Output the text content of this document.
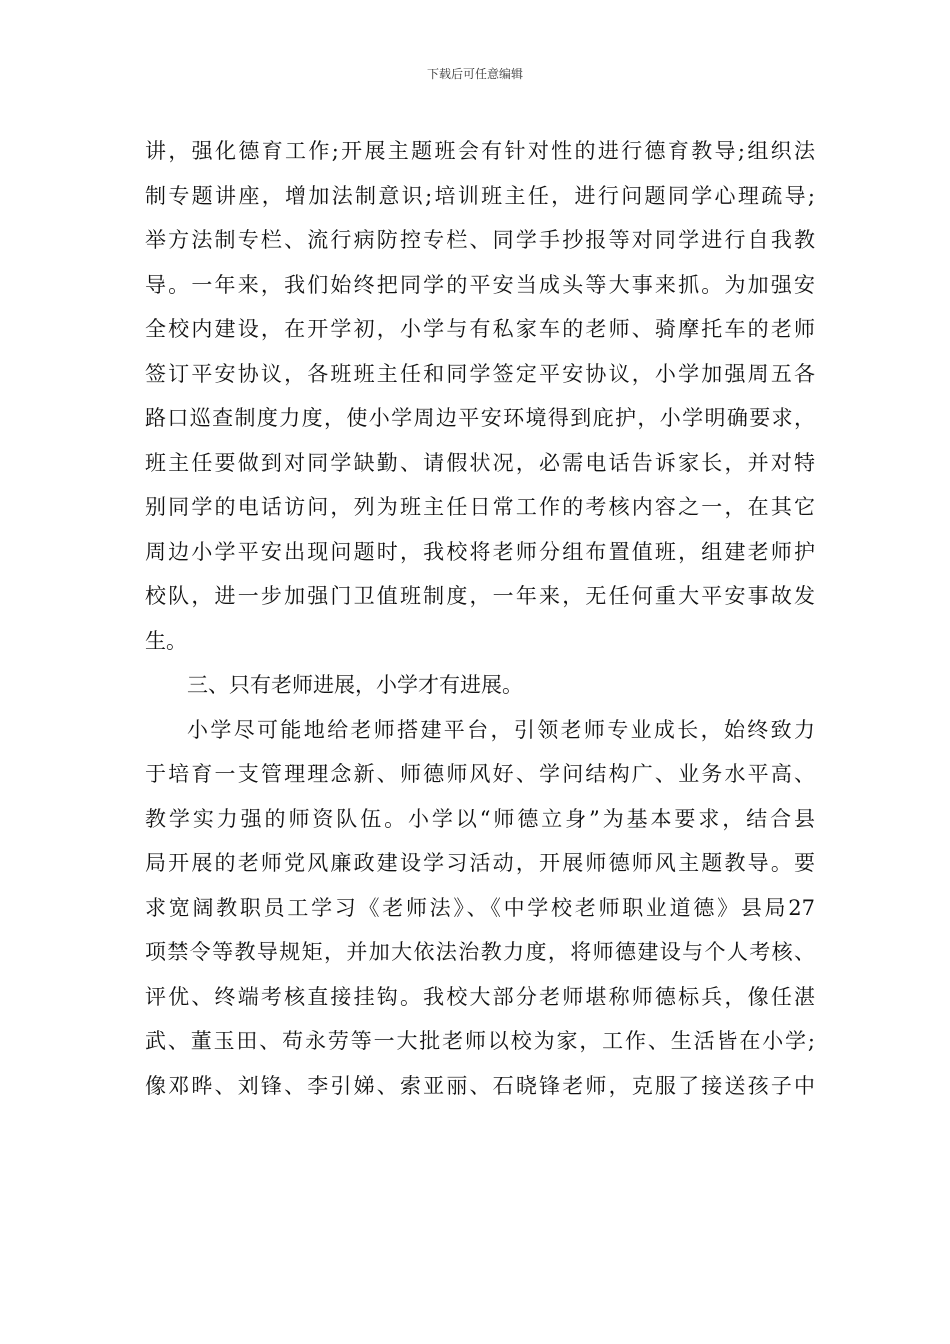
下载后可任意编辑
讲，强化德育工作;开展主题班会有针对性的进行德育教导;组织法
制专题讲座，增加法制意识;培训班主任，进行问题同学心理疏导;
举方法制专栏、流行病防控专栏、同学手抄报等对同学进行自我教
导。一年来，我们始终把同学的平安当成头等大事来抓。为加强安
全校内建设，在开学初，小学与有私家车的老师、骑摩托车的老师
签订平安协议，各班班主任和同学签定平安协议，小学加强周五各
路口巡查制度力度，使小学周边平安环境得到庇护，小学明确要求，
班主任要做到对同学缺勤、请假状况，必需电话告诉家长，并对特
别同学的电话访问，列为班主任日常工作的考核内容之一，在其它
周边小学平安出现问题时，我校将老师分组布置值班，组建老师护
校队，进一步加强门卫值班制度，一年来，无任何重大平安事故发
生。
三、只有老师进展，小学才有进展。
小学尽可能地给老师搭建平台，引领老师专业成长，始终致力
于培育一支管理理念新、师德师风好、学问结构广、业务水平高、
教学实力强的师资队伍。小学以“师德立身”为基本要求，结合县
局开展的老师党风廉政建设学习活动，开展师德师风主题教导。要
求宽阔教职员工学习《老师法》、《中学校老师职业道德》县局27
项禁令等教导规矩，并加大依法治教力度，将师德建设与个人考核、
评优、终端考核直接挂钩。我校大部分老师堪称师德标兵，像任湛
武、董玉田、苟永劳等一大批老师以校为家，工作、生活皆在小学;
像邓晔、刘锋、李引娣、索亚丽、石晓锋老师，克服了接送孩子中
